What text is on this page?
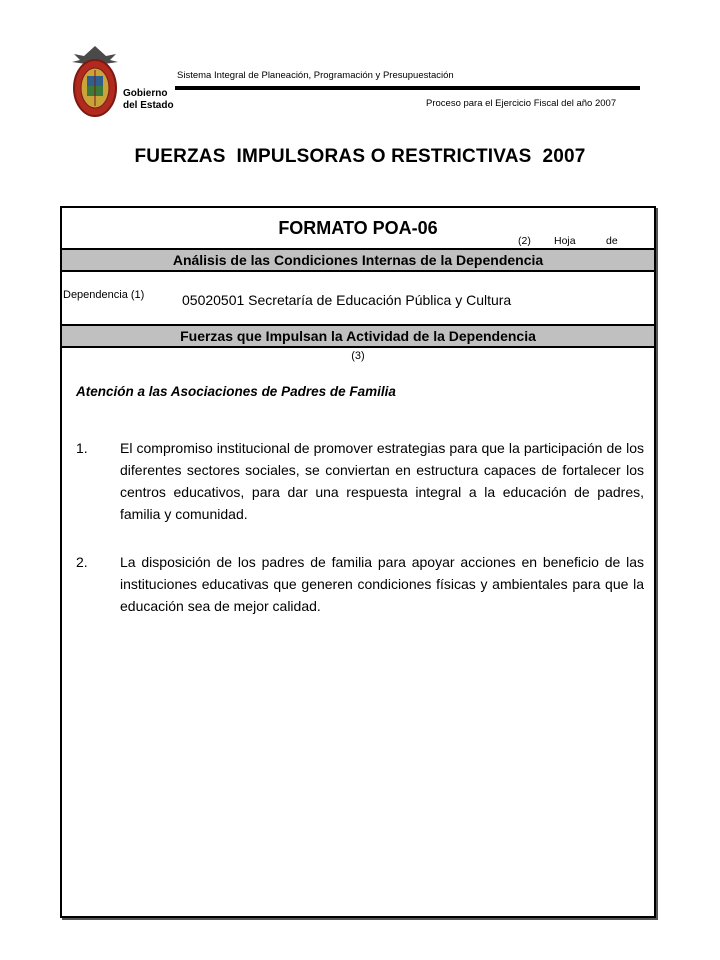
Gobierno
del Estado
Sistema Integral de Planeación, Programación y Presupuestación
Proceso para el Ejercicio Fiscal del año 2007
FUERZAS  IMPULSORAS O RESTRICTIVAS  2007
FORMATO POA-06
(2) Hoja	de
Análisis de las Condiciones Internas de la Dependencia
Dependencia (1)	05020501 Secretaría de Educación Pública y Cultura
Fuerzas que Impulsan la Actividad de la Dependencia
(3)
Atención a las Asociaciones de Padres de Familia
1. El compromiso institucional de promover estrategias para que la participación de los diferentes sectores sociales, se conviertan en estructura capaces de fortalecer los centros educativos, para dar una respuesta integral a la educación de padres, familia y comunidad.
2. La disposición de los padres de familia para apoyar acciones en beneficio de las instituciones educativas que generen condiciones físicas y ambientales para que la educación sea de mejor calidad.
